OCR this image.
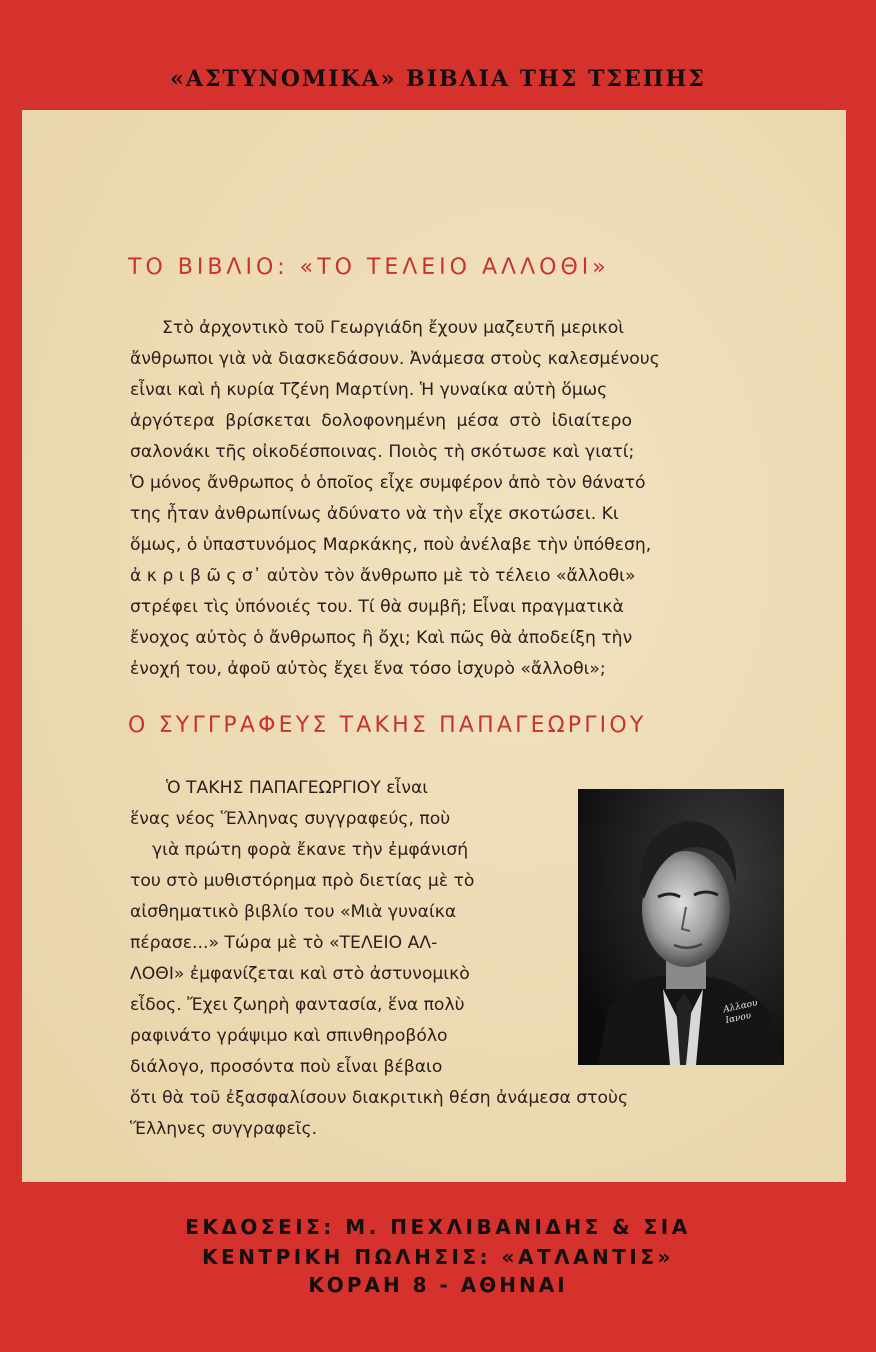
«ΑΣΤΥΝΟΜΙΚΑ» ΒΙΒΛΙΑ ΤΗΣ ΤΣΕΠΗΣ
ΤΟ ΒΙΒΛΙΟ: «ΤΟ ΤΕΛΕΙΟ ΑΛΛΟΘΙ»
Στὸ ἀρχοντικὸ τοῦ Γεωργιάδη ἔχουν μαζευτῆ μερικοὶ
ἄνθρωποι γιὰ νὰ διασκεδάσουν. Ἀνάμεσα στοὺς καλεσμένους
εἶναι καὶ ἡ κυρία Τζένη Μαρτίνη. Ἡ γυναίκα αὐτὴ ὅμως
ἀργότερα βρίσκεται δολοφονημένη μέσα στὸ ἰδιαίτερο
σαλονάκι τῆς οἰκοδέσποινας. Ποιὸς τὴ σκότωσε καὶ γιατί;
Ὁ μόνος ἄνθρωπος ὁ ὁποῖος εἶχε συμφέρον ἀπὸ τὸν θάνατό
της ἦταν ἀνθρωπίνως ἀδύνατο νὰ τὴν εἶχε σκοτώσει. Κι
ὅμως, ὁ ὑπαστυνόμος Μαρκάκης, ποὺ ἀνέλαβε τὴν ὑπόθεση,
ἀ κ ρ ι β ῶ ς σ᾽ αὐτὸν τὸν ἄνθρωπο μὲ τὸ τέλειο «ἄλλοθι»
στρέφει τὶς ὑπόνοιές του. Τί θὰ συμβῆ; Εἶναι πραγματικὰ
ἔνοχος αὐτὸς ὁ ἄνθρωπος ἢ ὄχι; Καὶ πῶς θὰ ἀποδείξη τὴν
ἐνοχή του, ἀφοῦ αὐτὸς ἔχει ἕνα τόσο ἰσχυρὸ «ἄλλοθι»;
Ο ΣΥΓΓΡΑΦΕΥΣ ΤΑΚΗΣ ΠΑΠΑΓΕΩΡΓΙΟΥ
Ὁ ΤΑΚΗΣ ΠΑΠΑΓΕΩΡΓΙΟΥ εἶναι
ἕνας νέος Ἕλληνας συγγραφεύς, ποὺ
γιὰ πρώτη φορὰ ἔκανε τὴν ἐμφάνισή
του στὸ μυθιστόρημα πρὸ διετίας μὲ τὸ
αἰσθηματικὸ βιβλίο του «Μιὰ γυναίκα
πέρασε...» Τώρα μὲ τὸ «ΤΕΛΕΙΟ ΑΛ-
ΛΟΘΙ» ἐμφανίζεται καὶ στὸ ἀστυνομικὸ
εἶδος. Ἔχει ζωηρὴ φαντασία, ἕνα πολὺ
ραφινάτο γράψιμο καὶ σπινθηροβόλο
διάλογο, προσόντα ποὺ εἶναι βέβαιο
ὅτι θὰ τοῦ ἐξασφαλίσουν διακριτικὴ θέση ἀνάμεσα στοὺς
Ἕλληνες συγγραφεῖς.
Αλλαου Ιανου
ΕΚΔΟΣΕΙΣ: Μ. ΠΕΧΛΙΒΑΝΙΔΗΣ & ΣΙΑ
ΚΕΝΤΡΙΚΗ ΠΩΛΗΣΙΣ: «ΑΤΛΑΝΤΙΣ»
ΚΟΡΑΗ 8 - ΑΘΗΝΑΙ
